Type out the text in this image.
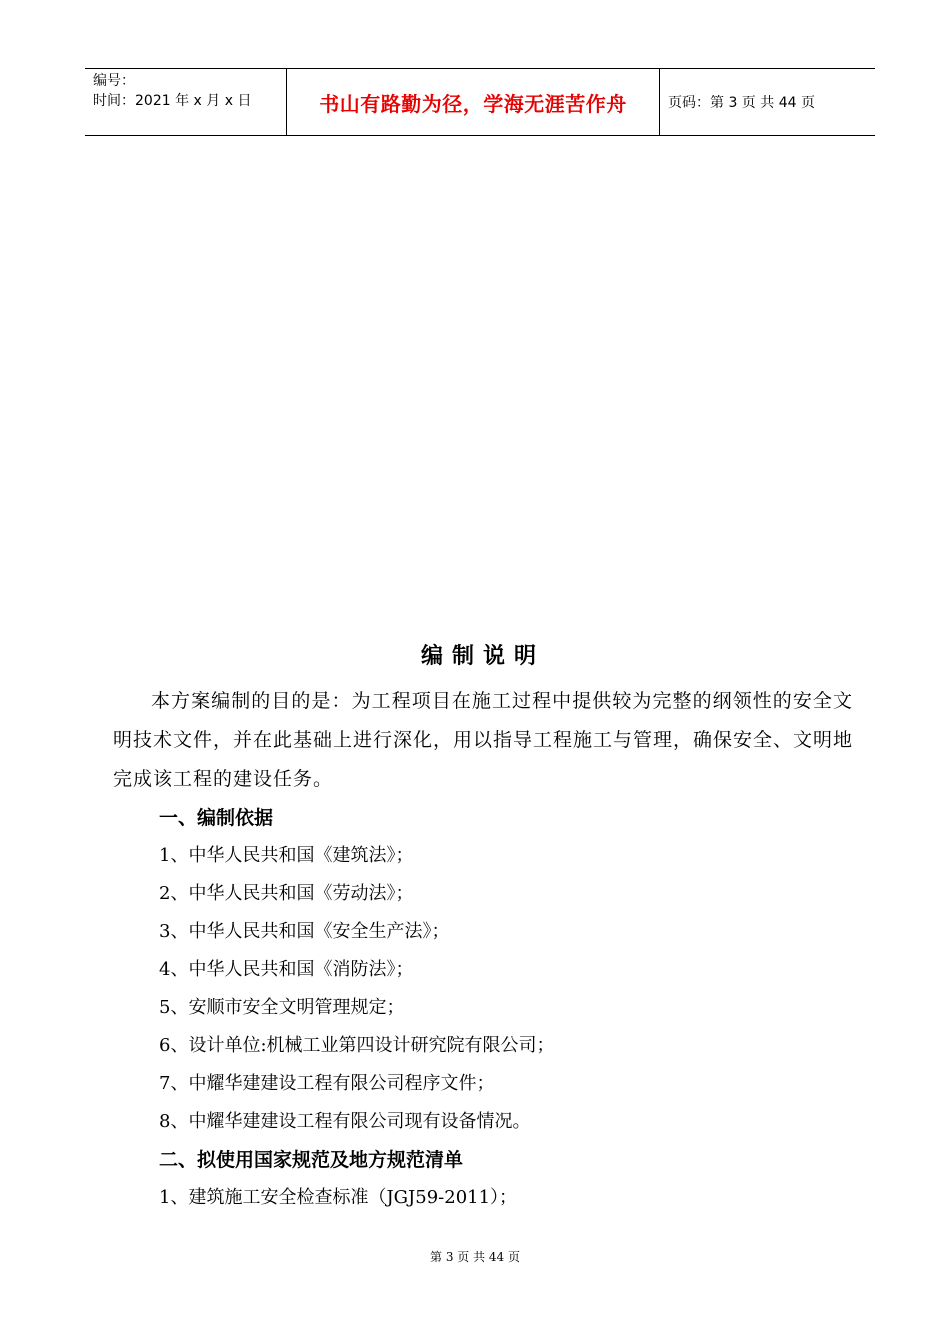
编号：
时间：2021 年 x 月 x 日	书山有路勤为径，学海无涯苦作舟	页码：第 3 页 共 44 页
编制说明

本方案编制的目的是：为工程项目在施工过程中提供较为完整的纲领性的安全文明技术文件，并在此基础上进行深化，用以指导工程施工与管理，确保安全、文明地完成该工程的建设任务。

一、编制依据

1、中华人民共和国《建筑法》；

2、中华人民共和国《劳动法》；

3、中华人民共和国《安全生产法》；

4、中华人民共和国《消防法》；

5、安顺市安全文明管理规定；

6、设计单位:机械工业第四设计研究院有限公司；

7、中耀华建建设工程有限公司程序文件；

8、中耀华建建设工程有限公司现有设备情况。

二、拟使用国家规范及地方规范清单

1、建筑施工安全检查标准（JGJ59-2011）；

第 3 页 共 44 页
